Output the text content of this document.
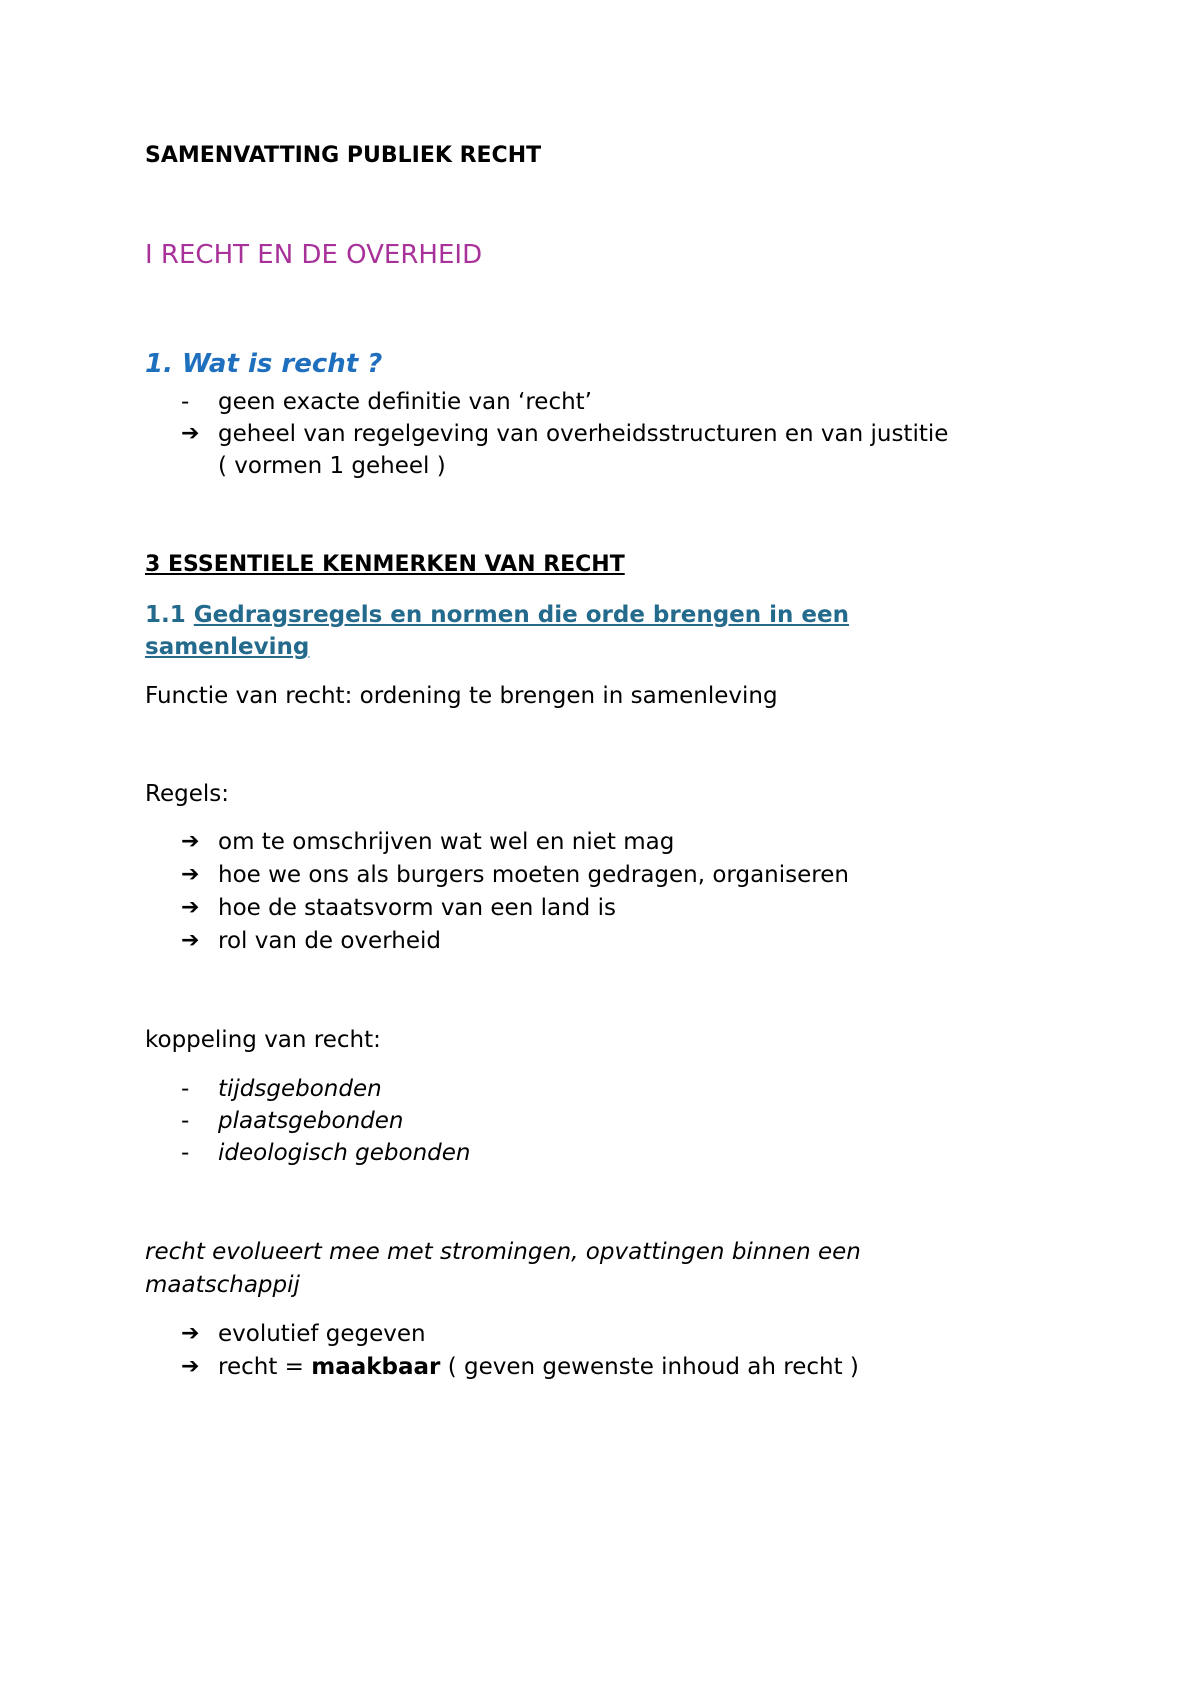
SAMENVATTING PUBLIEK RECHT
I RECHT EN DE OVERHEID
1. Wat is recht ?
- geen exacte definitie van ‘recht’
➔ geheel van regelgeving van overheidsstructuren en van justitie
( vormen 1 geheel )
3 ESSENTIELE KENMERKEN VAN RECHT
1.1 Gedragsregels en normen die orde brengen in een
samenleving
Functie van recht: ordening te brengen in samenleving
Regels:
➔ om te omschrijven wat wel en niet mag
➔ hoe we ons als burgers moeten gedragen, organiseren
➔ hoe de staatsvorm van een land is
➔ rol van de overheid
koppeling van recht:
- tijdsgebonden
- plaatsgebonden
- ideologisch gebonden
recht evolueert mee met stromingen, opvattingen binnen een
maatschappij
➔ evolutief gegeven
➔ recht = maakbaar ( geven gewenste inhoud ah recht )
